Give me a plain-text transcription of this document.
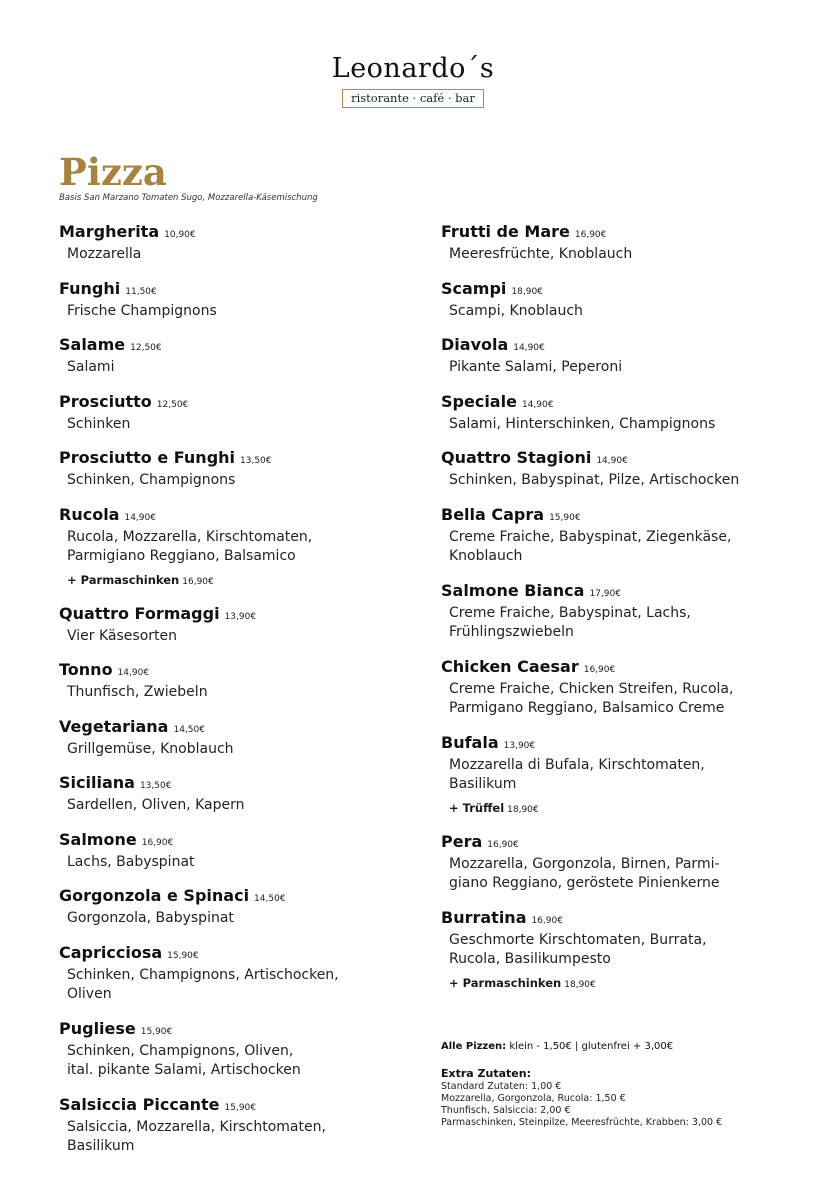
Leonardo´s
ristorante · café · bar
Pizza
Basis San Marzano Tomaten Sugo, Mozzarella-Käsemischung
Margherita 10,90€
Mozzarella
Funghi 11,50€
Frische Champignons
Salame 12,50€
Salami
Prosciutto 12,50€
Schinken
Prosciutto e Funghi 13,50€
Schinken, Champignons
Rucola 14,90€
Rucola, Mozzarella, Kirschtomaten,
Parmigiano Reggiano, Balsamico
+ Parmaschinken 16,90€
Quattro Formaggi 13,90€
Vier Käsesorten
Tonno 14,90€
Thunfisch, Zwiebeln
Vegetariana 14,50€
Grillgemüse, Knoblauch
Siciliana 13,50€
Sardellen, Oliven, Kapern
Salmone 16,90€
Lachs, Babyspinat
Gorgonzola e Spinaci 14,50€
Gorgonzola, Babyspinat
Capricciosa 15,90€
Schinken, Champignons, Artischocken,
Oliven
Pugliese 15,90€
Schinken, Champignons, Oliven,
ital. pikante Salami, Artischocken
Salsiccia Piccante 15,90€
Salsiccia, Mozzarella, Kirschtomaten,
Basilikum
Frutti de Mare 16,90€
Meeresfrüchte, Knoblauch
Scampi 18,90€
Scampi, Knoblauch
Diavola 14,90€
Pikante Salami, Peperoni
Speciale 14,90€
Salami, Hinterschinken, Champignons
Quattro Stagioni 14,90€
Schinken, Babyspinat, Pilze, Artischocken
Bella Capra 15,90€
Creme Fraiche, Babyspinat, Ziegenkäse,
Knoblauch
Salmone Bianca 17,90€
Creme Fraiche, Babyspinat, Lachs,
Frühlingszwiebeln
Chicken Caesar 16,90€
Creme Fraiche, Chicken Streifen, Rucola,
Parmigano Reggiano, Balsamico Creme
Bufala 13,90€
Mozzarella di Bufala, Kirschtomaten,
Basilikum
+ Trüffel 18,90€
Pera 16,90€
Mozzarella, Gorgonzola, Birnen, Parmi-
giano Reggiano, geröstete Pinienkerne
Burratina 16,90€
Geschmorte Kirschtomaten, Burrata,
Rucola, Basilikumpesto
+ Parmaschinken 18,90€
Alle Pizzen: klein - 1,50€ | glutenfrei + 3,00€
Extra Zutaten:
Standard Zutaten: 1,00 €
Mozzarella, Gorgonzola, Rucola: 1,50 €
Thunfisch, Salsiccia: 2,00 €
Parmaschinken, Steinpilze, Meeresfrüchte, Krabben: 3,00 €
